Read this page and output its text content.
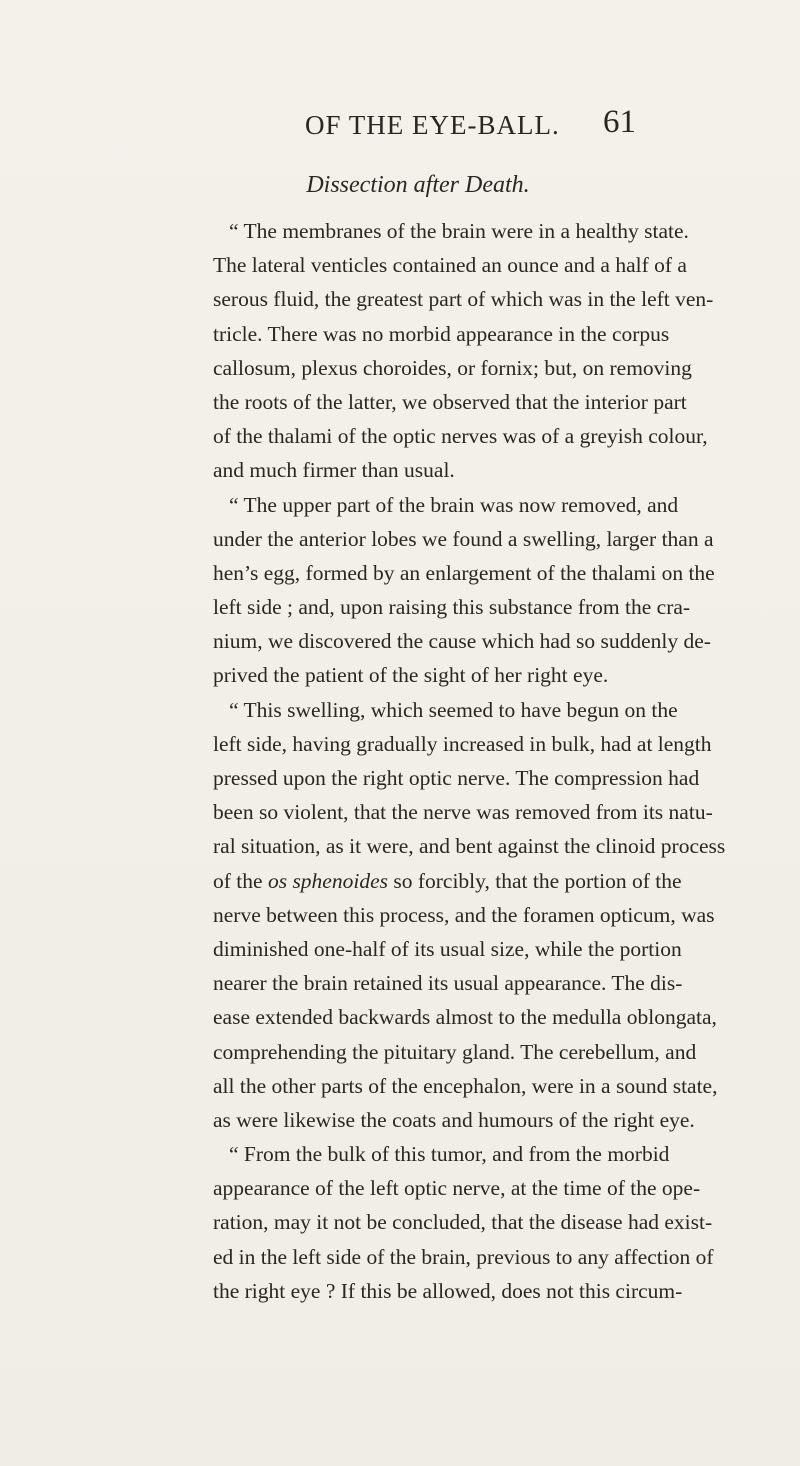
OF THE EYE-BALL. 61
Dissection after Death.
“ The membranes of the brain were in a healthy state.
The lateral venticles contained an ounce and a half of a
serous fluid, the greatest part of which was in the left ven-
tricle. There was no morbid appearance in the corpus
callosum, plexus choroides, or fornix; but, on removing
the roots of the latter, we observed that the interior part
of the thalami of the optic nerves was of a greyish colour,
and much firmer than usual.
“ The upper part of the brain was now removed, and
under the anterior lobes we found a swelling, larger than a
hen’s egg, formed by an enlargement of the thalami on the
left side ; and, upon raising this substance from the cra-
nium, we discovered the cause which had so suddenly de-
prived the patient of the sight of her right eye.
“ This swelling, which seemed to have begun on the
left side, having gradually increased in bulk, had at length
pressed upon the right optic nerve. The compression had
been so violent, that the nerve was removed from its natu-
ral situation, as it were, and bent against the clinoid process
of the os sphenoides so forcibly, that the portion of the
nerve between this process, and the foramen opticum, was
diminished one-half of its usual size, while the portion
nearer the brain retained its usual appearance. The dis-
ease extended backwards almost to the medulla oblongata,
comprehending the pituitary gland. The cerebellum, and
all the other parts of the encephalon, were in a sound state,
as were likewise the coats and humours of the right eye.
“ From the bulk of this tumor, and from the morbid
appearance of the left optic nerve, at the time of the ope-
ration, may it not be concluded, that the disease had exist-
ed in the left side of the brain, previous to any affection of
the right eye ? If this be allowed, does not this circum-
